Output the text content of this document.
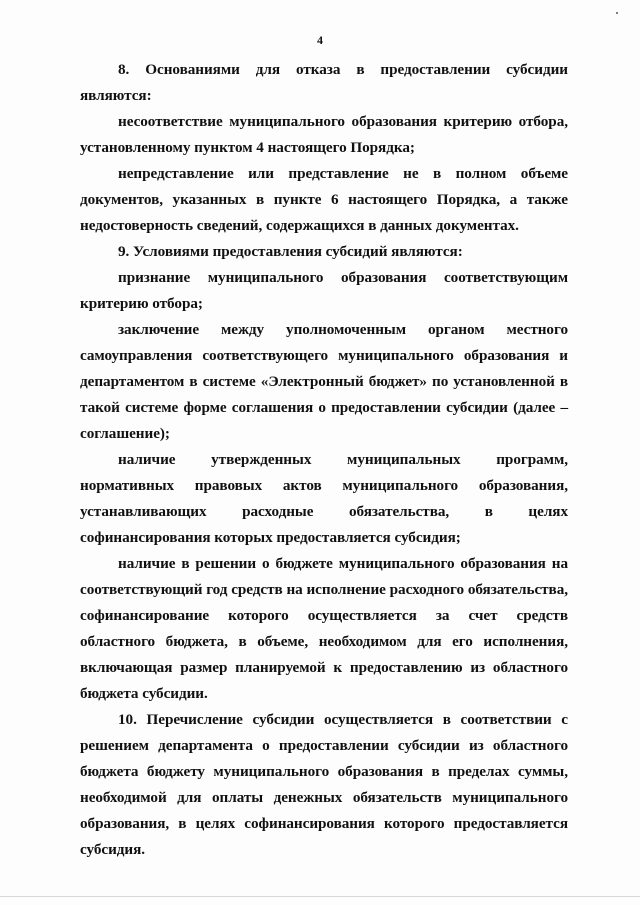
4

8. Основаниями для отказа в предоставлении субсидии являются:

несоответствие муниципального образования критерию отбора, установленному пунктом 4 настоящего Порядка;

непредставление или представление не в полном объеме документов, указанных в пункте 6 настоящего Порядка, а также недостоверность сведений, содержащихся в данных документах.

9. Условиями предоставления субсидий являются:

признание муниципального образования соответствующим критерию отбора;

заключение между уполномоченным органом местного самоуправления соответствующего муниципального образования и департаментом в системе «Электронный бюджет» по установленной в такой системе форме соглашения о предоставлении субсидии (далее – соглашение);

наличие утвержденных муниципальных программ, нормативных правовых актов муниципального образования, устанавливающих расходные обязательства, в целях софинансирования которых предоставляется субсидия;

наличие в решении о бюджете муниципального образования на соответствующий год средств на исполнение расходного обязательства, софинансирование которого осуществляется за счет средств областного бюджета, в объеме, необходимом для его исполнения, включающая размер планируемой к предоставлению из областного бюджета субсидии.

10. Перечисление субсидии осуществляется в соответствии с решением департамента о предоставлении субсидии из областного бюджета бюджету муниципального образования в пределах суммы, необходимой для оплаты денежных обязательств муниципального образования, в целях софинансирования которого предоставляется субсидия.
